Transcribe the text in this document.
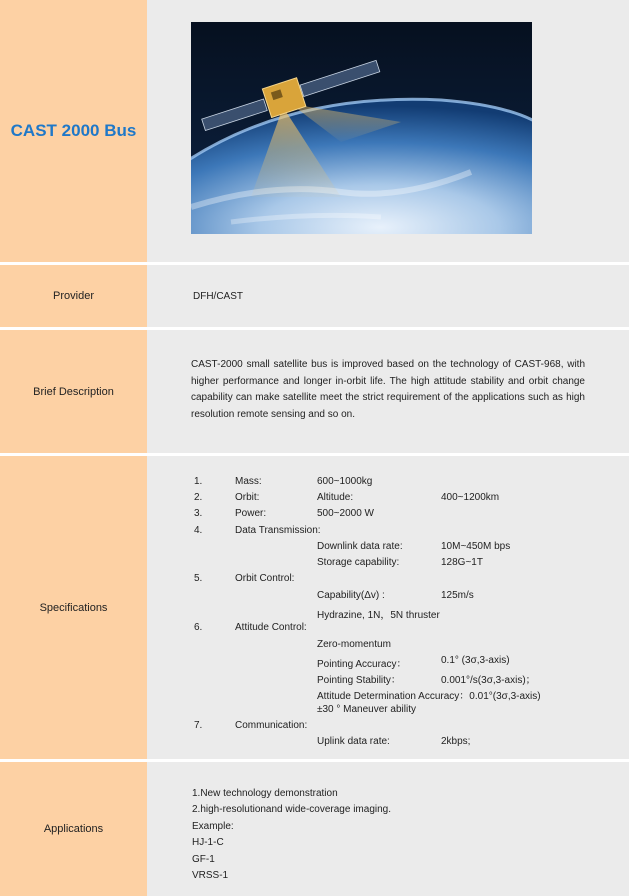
CAST 2000 Bus
Provider	DFH/CAST
Brief Description
CAST-2000 small satellite bus is improved based on the technology of CAST-968, with higher performance and longer in-orbit life. The high attitude stability and orbit change capability can make satellite meet the strict requirement of the applications such as high resolution remote sensing and so on.
Specifications
1.	Mass:	600~1000kg
2.	Orbit:	Altitude:	400~1200km
3.	Power:	500~2000 W
4.	Data Transmission:
Downlink data rate:	10M~450M bps
Storage capability:	128G~1T
5.	Orbit Control:
Capability(Δv) :	125m/s
Hydrazine, 1N，5N thruster
6.	Attitude Control:
Zero-momentum
Pointing Accuracy：	0.1° (3σ,3-axis)
Pointing Stability：	0.001°/s(3σ,3-axis)；
Attitude Determination Accuracy：0.01°(3σ,3-axis)
±30 ° Maneuver ability
7.	Communication:
Uplink data rate:	2kbps;
Applications
1.New technology demonstration
2.high-resolutionand wide-coverage imaging.
Example:
HJ-1-C
GF-1
VRSS-1
